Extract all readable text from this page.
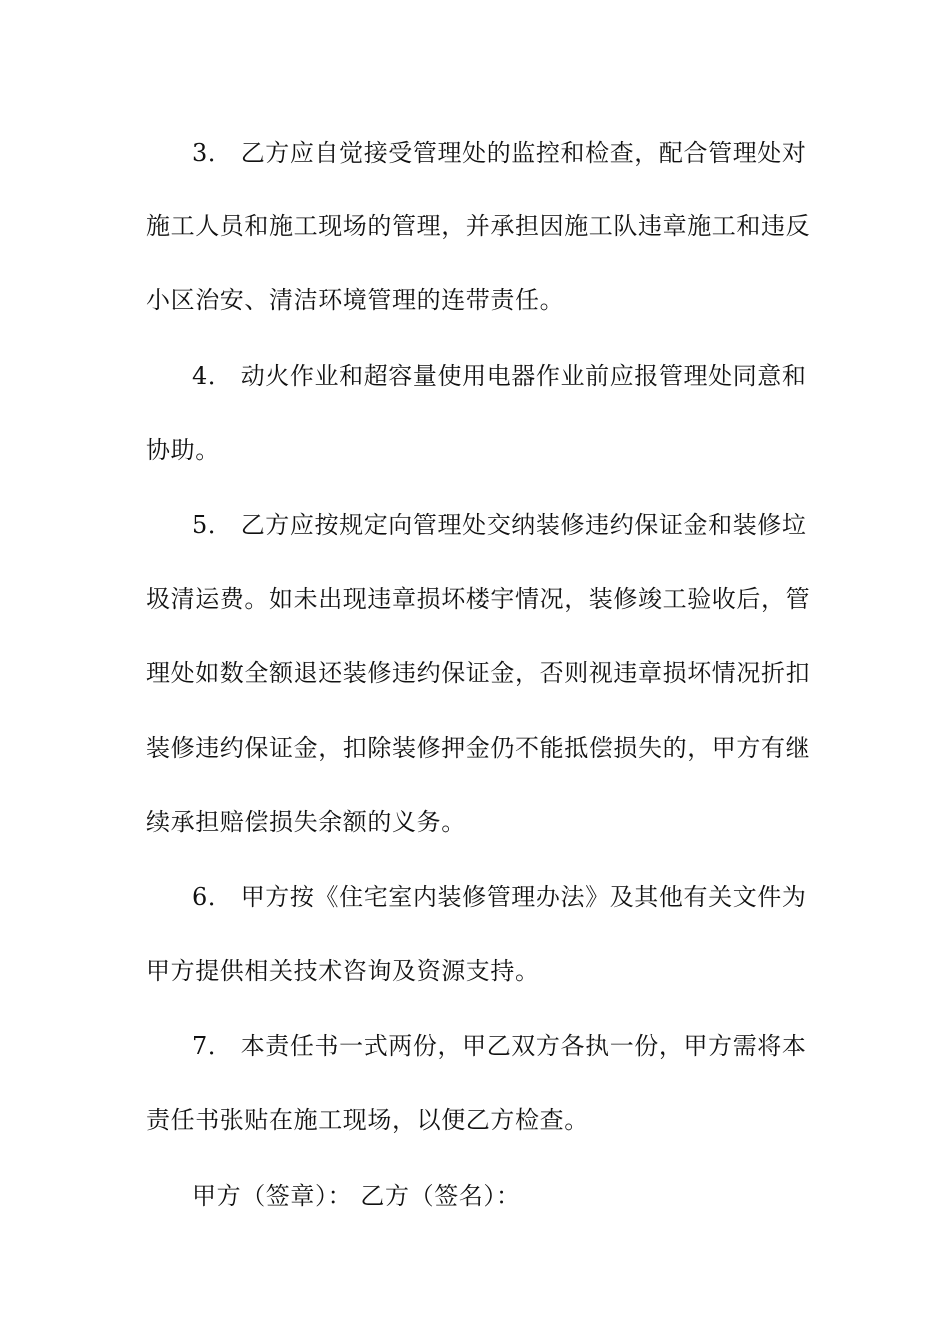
3． 乙方应自觉接受管理处的监控和检查，配合管理处对
施工人员和施工现场的管理，并承担因施工队违章施工和违反
小区治安、清洁环境管理的连带责任。
4． 动火作业和超容量使用电器作业前应报管理处同意和
协助。
5． 乙方应按规定向管理处交纳装修违约保证金和装修垃
圾清运费。如未出现违章损坏楼宇情况，装修竣工验收后，管
理处如数全额退还装修违约保证金，否则视违章损坏情况折扣
装修违约保证金，扣除装修押金仍不能抵偿损失的，甲方有继
续承担赔偿损失余额的义务。
6． 甲方按《住宅室内装修管理办法》及其他有关文件为
甲方提供相关技术咨询及资源支持。
7． 本责任书一式两份，甲乙双方各执一份，甲方需将本
责任书张贴在施工现场，以便乙方检查。
甲方（签章）： 乙方（签名）：
